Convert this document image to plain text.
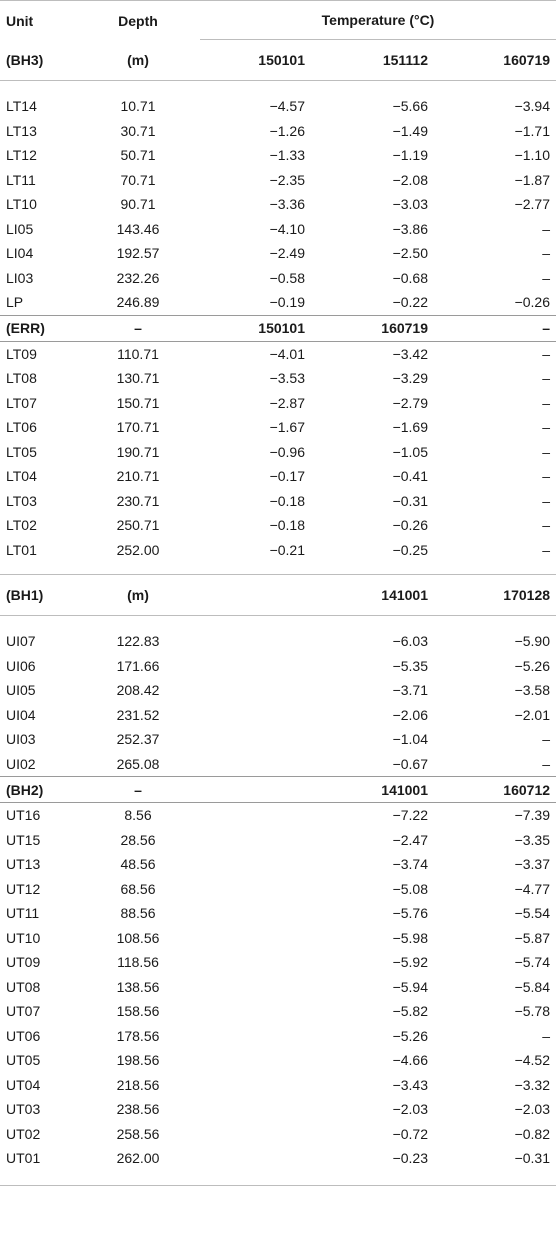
Unit	Depth	Temperature (°C)		

(BH3)	(m)	150101	151112	160719

LT14	10.71	−4.57	−5.66	−3.94
LT13	30.71	−1.26	−1.49	−1.71
LT12	50.71	−1.33	−1.19	−1.10
LT11	70.71	−2.35	−2.08	−1.87
LT10	90.71	−3.36	−3.03	−2.77
LI05	143.46	−4.10	−3.86	–
LI04	192.57	−2.49	−2.50	–
LI03	232.26	−0.58	−0.68	–
LP	246.89	−0.19	−0.22	−0.26
(ERR)	–	150101	160719	–
LT09	110.71	−4.01	−3.42	–
LT08	130.71	−3.53	−3.29	–
LT07	150.71	−2.87	−2.79	–
LT06	170.71	−1.67	−1.69	–
LT05	190.71	−0.96	−1.05	–
LT04	210.71	−0.17	−0.41	–
LT03	230.71	−0.18	−0.31	–
LT02	250.71	−0.18	−0.26	–
LT01	252.00	−0.21	−0.25	–

(BH1)	(m)		141001	170128

UI07	122.83		−6.03	−5.90
UI06	171.66		−5.35	−5.26
UI05	208.42		−3.71	−3.58
UI04	231.52		−2.06	−2.01
UI03	252.37		−1.04	–
UI02	265.08		−0.67	–
(BH2)	–		141001	160712
UT16	8.56		−7.22	−7.39
UT15	28.56		−2.47	−3.35
UT13	48.56		−3.74	−3.37
UT12	68.56		−5.08	−4.77
UT11	88.56		−5.76	−5.54
UT10	108.56		−5.98	−5.87
UT09	118.56		−5.92	−5.74
UT08	138.56		−5.94	−5.84
UT07	158.56		−5.82	−5.78
UT06	178.56		−5.26	–
UT05	198.56		−4.66	−4.52
UT04	218.56		−3.43	−3.32
UT03	238.56		−2.03	−2.03
UT02	258.56		−0.72	−0.82
UT01	262.00		−0.23	−0.31
